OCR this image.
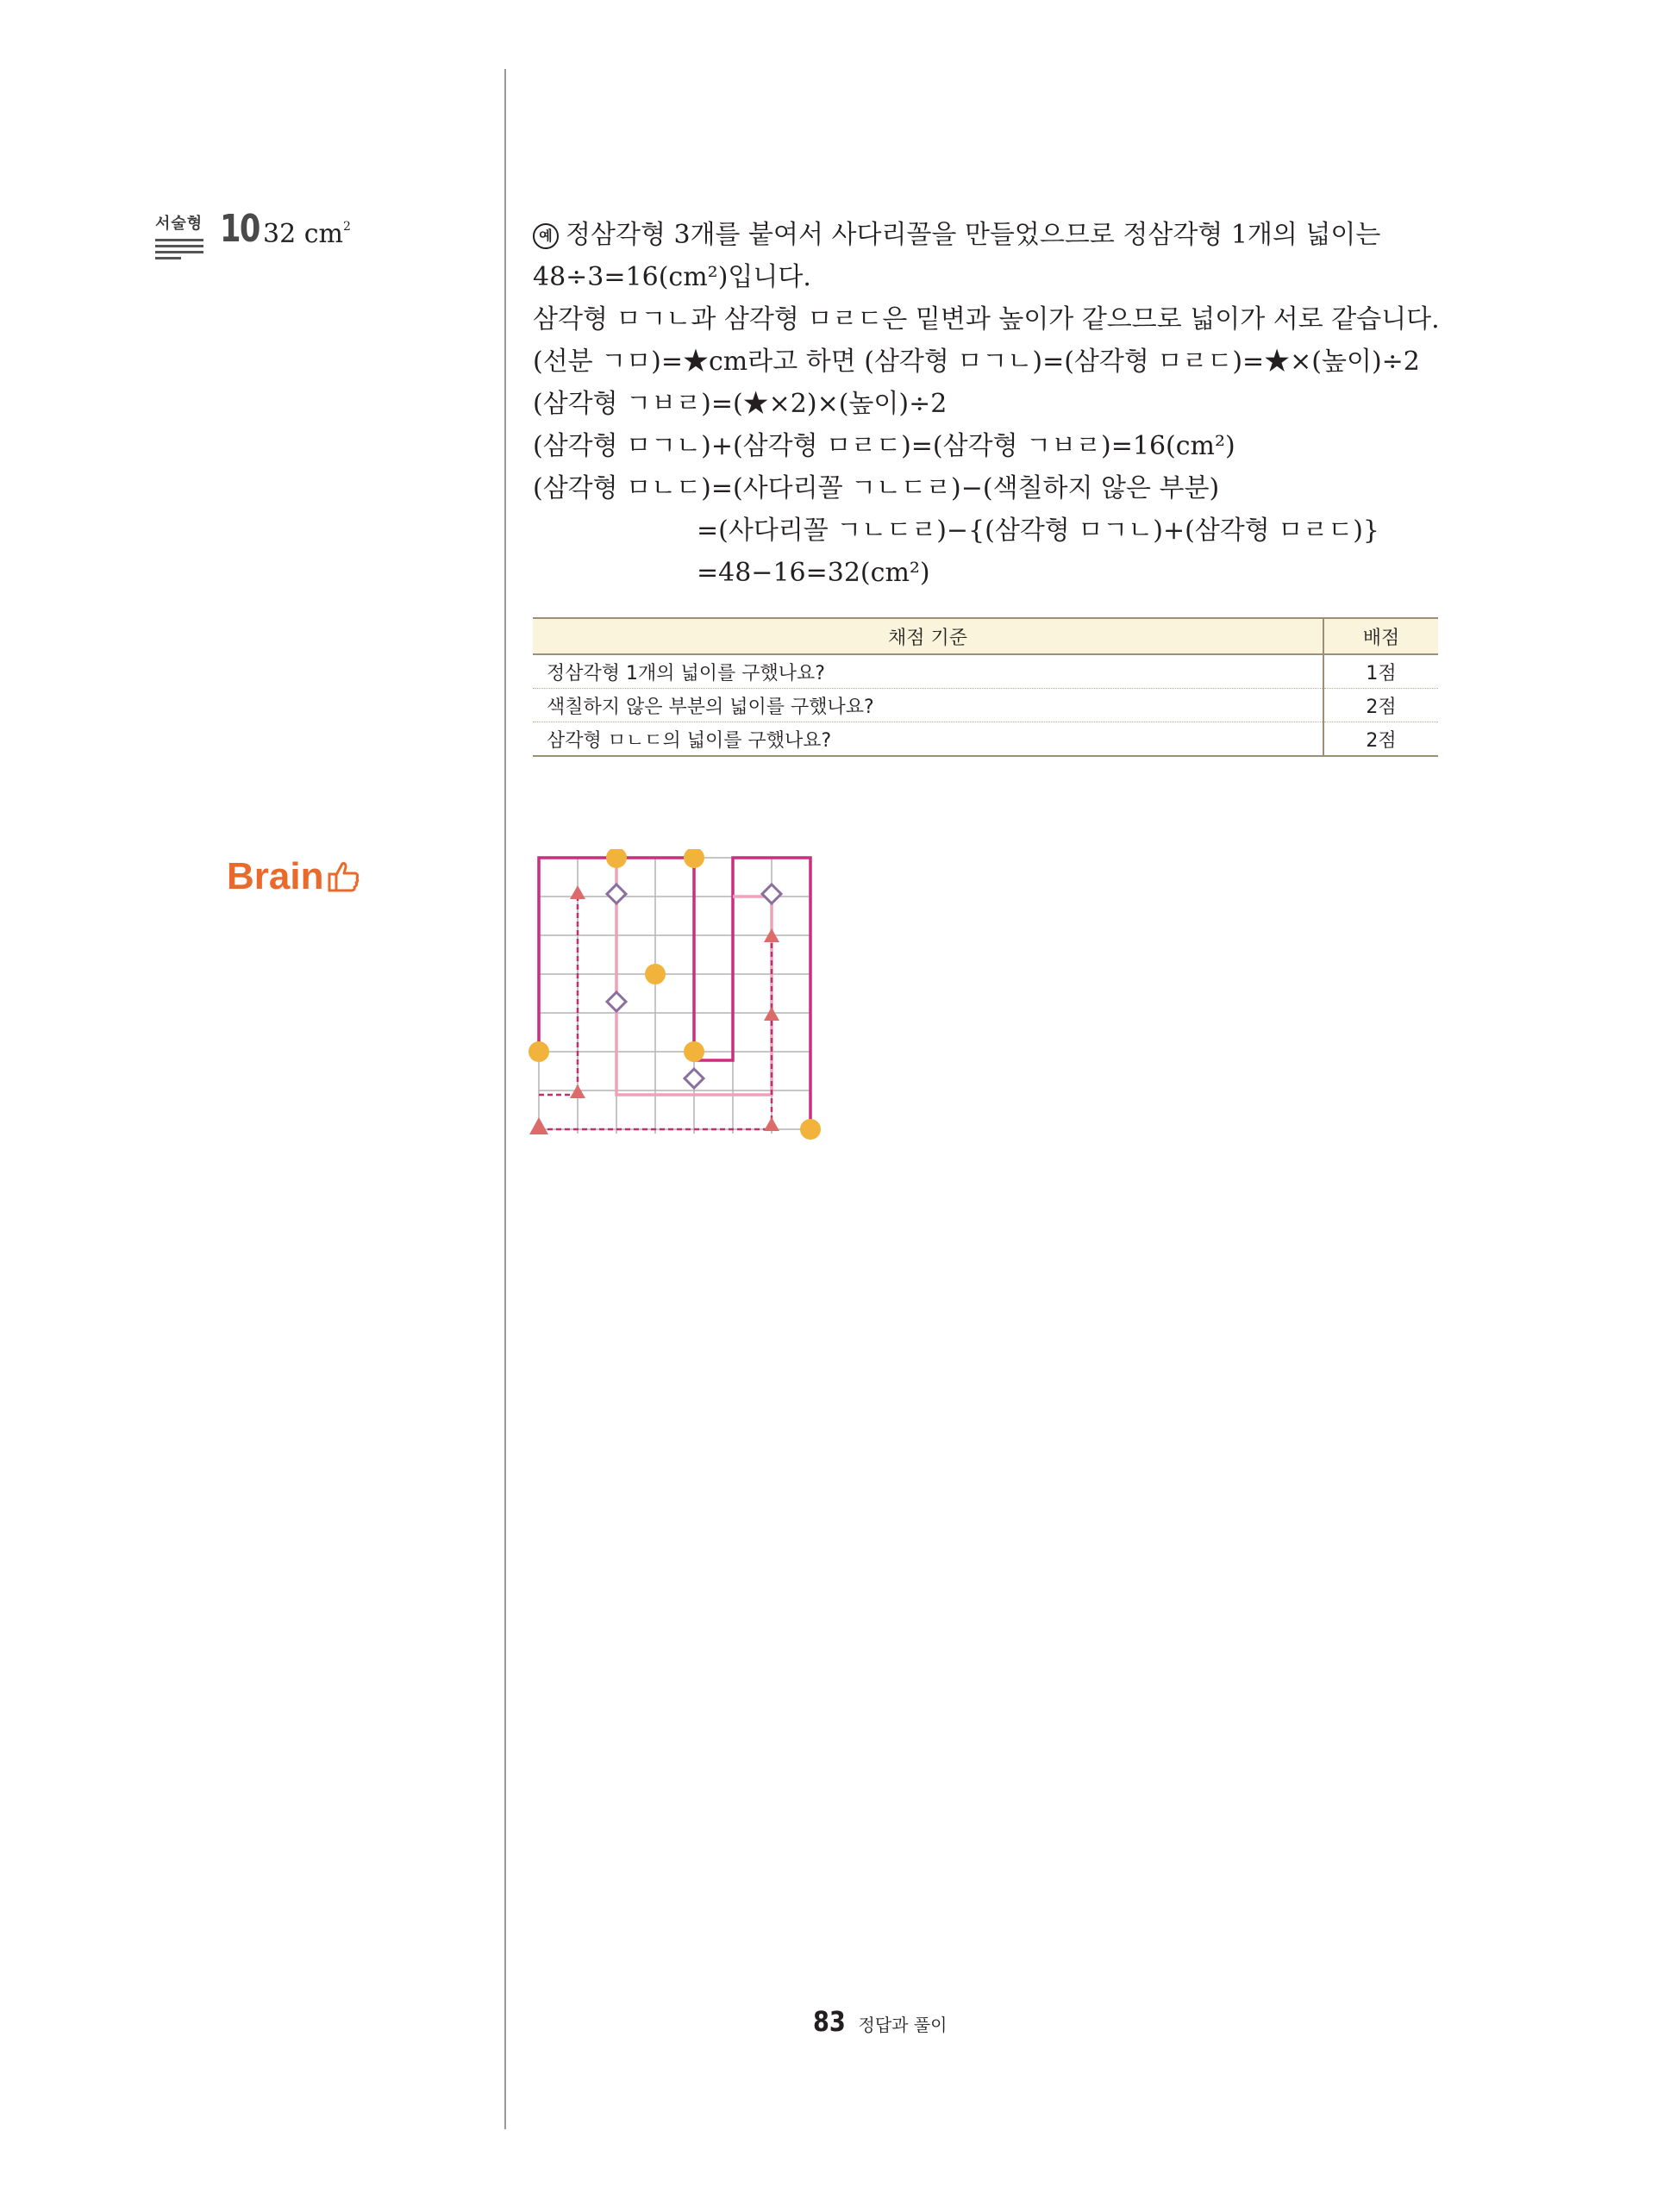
서술형 10 32 $cm^2$
Brain
예 정삼각형 3개를 붙여서 사다리꼴을 만들었으므로 정삼각형 1개의 넓이는
48÷3=16(cm²)입니다.
삼각형 ㅁㄱㄴ과 삼각형 ㅁㄹㄷ은 밑변과 높이가 같으므로 넓이가 서로 같습니다.
(선분 ㄱㅁ)=★cm라고 하면 (삼각형 ㅁㄱㄴ)=(삼각형 ㅁㄹㄷ)=★×(높이)÷2
(삼각형 ㄱㅂㄹ)=(★×2)×(높이)÷2
(삼각형 ㅁㄱㄴ)+(삼각형 ㅁㄹㄷ)=(삼각형 ㄱㅂㄹ)=16(cm²)
(삼각형 ㅁㄴㄷ)=(사다리꼴 ㄱㄴㄷㄹ)−(색칠하지 않은 부분)
=(사다리꼴 ㄱㄴㄷㄹ)−{(삼각형 ㅁㄱㄴ)+(삼각형 ㅁㄹㄷ)}
=48−16=32(cm²)
채점 기준	배점
정삼각형 1개의 넓이를 구했나요?	1점
색칠하지 않은 부분의 넓이를 구했나요?	2점
삼각형 ㅁㄴㄷ의 넓이를 구했나요?	2점
83 정답과 풀이
